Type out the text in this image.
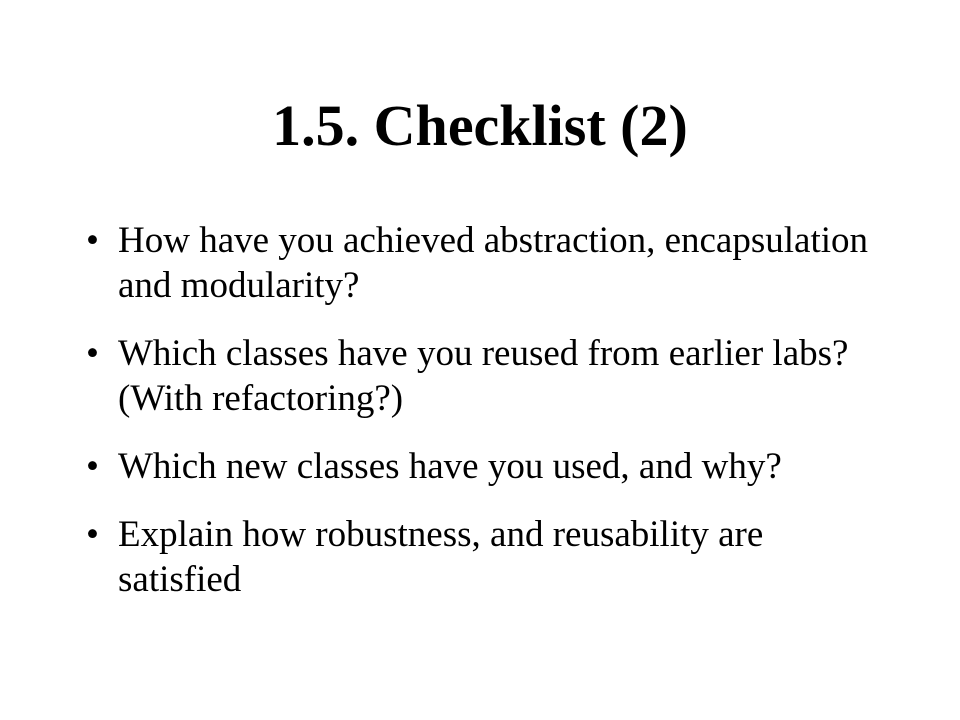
1.5. Checklist (2)
• How have you achieved abstraction, encapsulation and modularity?
• Which classes have you reused from earlier labs? (With refactoring?)
• Which new classes have you used, and why?
• Explain how robustness, and reusability are satisfied
